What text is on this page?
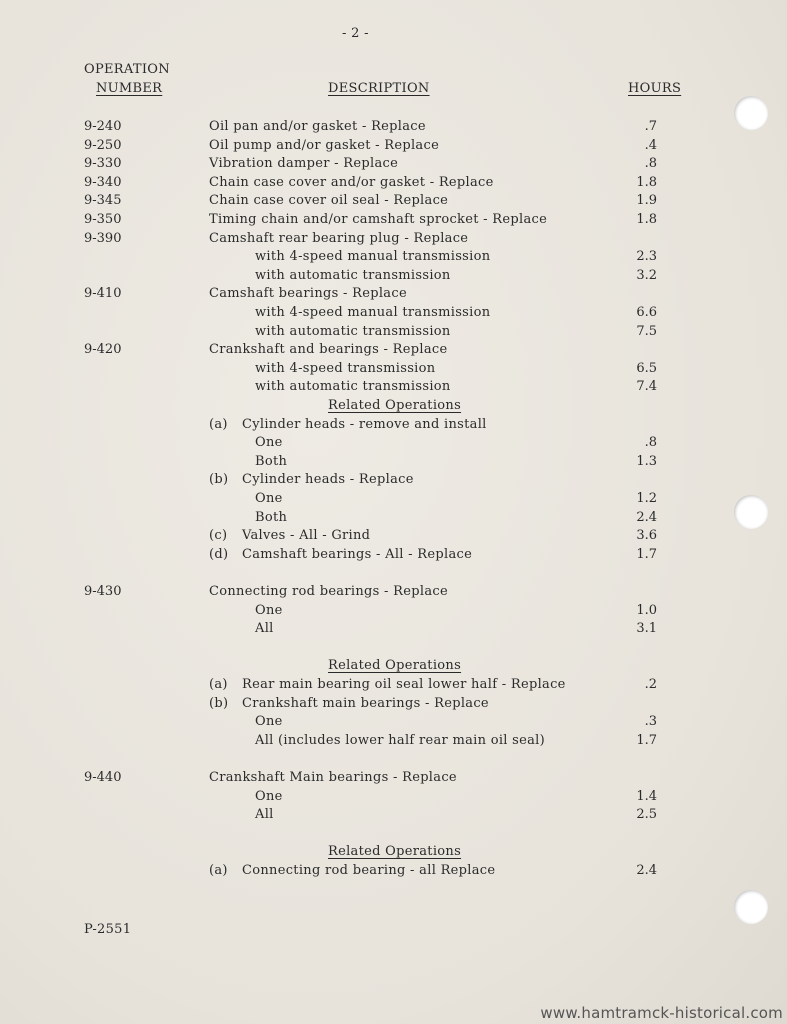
- 2 -
OPERATION
NUMBER	DESCRIPTION	HOURS
9-240	Oil pan and/or gasket - Replace	.7
9-250	Oil pump and/or gasket - Replace	.4
9-330	Vibration damper - Replace	.8
9-340	Chain case cover and/or gasket - Replace	1.8
9-345	Chain case cover oil seal - Replace	1.9
9-350	Timing chain and/or camshaft sprocket - Replace	1.8
9-390	Camshaft rear bearing plug - Replace
with 4-speed manual transmission	2.3
with automatic transmission	3.2
9-410	Camshaft bearings - Replace
with 4-speed manual transmission	6.6
with automatic transmission	7.5
9-420	Crankshaft and bearings - Replace
with 4-speed transmission	6.5
with automatic transmission	7.4
Related Operations
(a) Cylinder heads - remove and install
One	.8
Both	1.3
(b) Cylinder heads - Replace
One	1.2
Both	2.4
(c) Valves - All - Grind	3.6
(d) Camshaft bearings - All - Replace	1.7
9-430	Connecting rod bearings - Replace
One	1.0
All	3.1
Related Operations
(a) Rear main bearing oil seal lower half - Replace	.2
(b) Crankshaft main bearings - Replace
One	.3
All (includes lower half rear main oil seal)	1.7
9-440	Crankshaft Main bearings - Replace
One	1.4
All	2.5
Related Operations
(a) Connecting rod bearing - all Replace	2.4
P-2551
www.hamtramck-historical.com
